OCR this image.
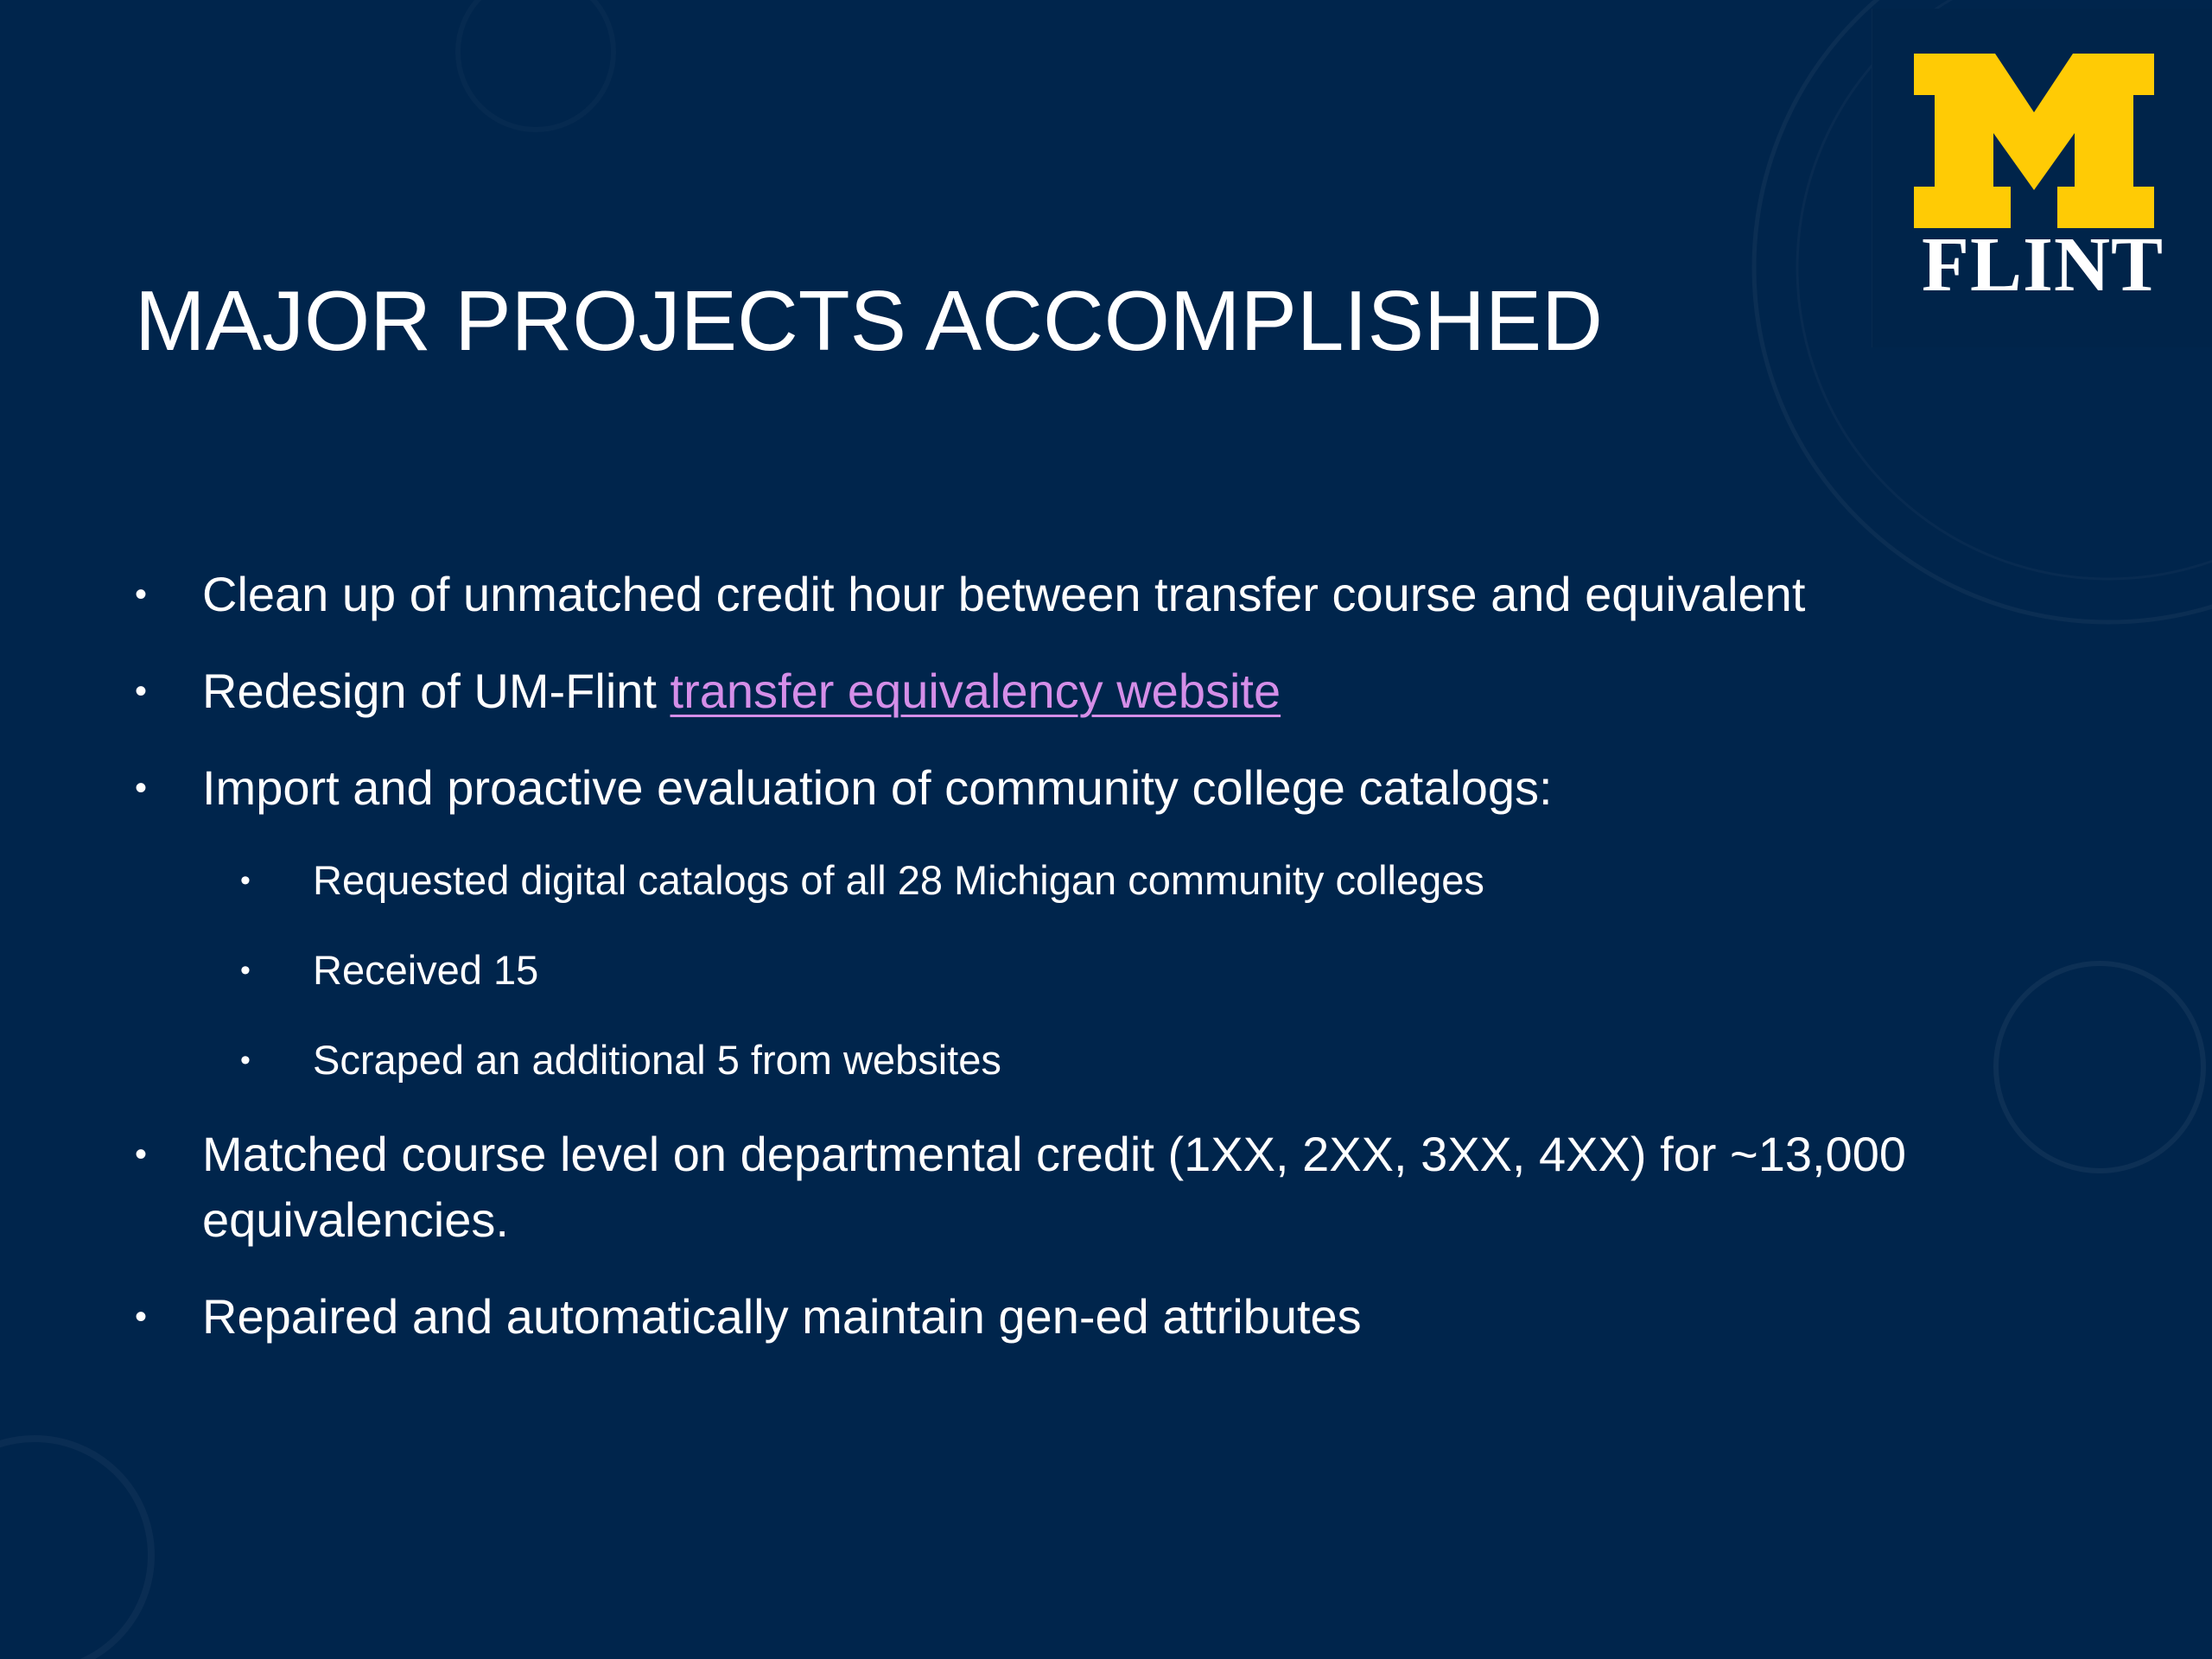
FLINT
MAJOR PROJECTS ACCOMPLISHED
• Clean up of unmatched credit hour between transfer course and equivalent
• Redesign of UM-Flint transfer equivalency website
• Import and proactive evaluation of community college catalogs:
• Requested digital catalogs of all 28 Michigan community colleges
• Received 15
• Scraped an additional 5 from websites
• Matched course level on departmental credit (1XX, 2XX, 3XX, 4XX) for ~13,000 equivalencies.
• Repaired and automatically maintain gen-ed attributes
